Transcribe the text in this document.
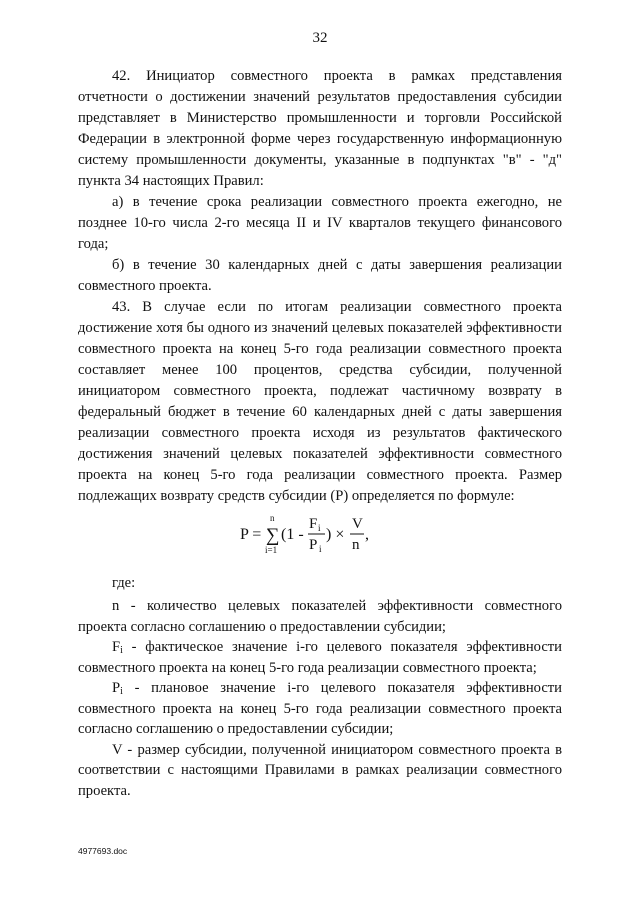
32

42. Инициатор совместного проекта в рамках представления отчетности о достижении значений результатов предоставления субсидии представляет в Министерство промышленности и торговли Российской Федерации в электронной форме через государственную информационную систему промышленности документы, указанные в подпунктах "в" - "д" пункта 34 настоящих Правил:

а) в течение срока реализации совместного проекта ежегодно, не позднее 10-го числа 2-го месяца II и IV кварталов текущего финансового года;

б) в течение 30 календарных дней с даты завершения реализации совместного проекта.

43. В случае если по итогам реализации совместного проекта достижение хотя бы одного из значений целевых показателей эффективности совместного проекта на конец 5-го года реализации совместного проекта составляет менее 100 процентов, средства субсидии, полученной инициатором совместного проекта, подлежат частичному возврату в федеральный бюджет в течение 60 календарных дней с даты завершения реализации совместного проекта исходя из результатов фактического достижения значений целевых показателей эффективности совместного проекта на конец 5-го года реализации совместного проекта. Размер подлежащих возврату средств субсидии (Р) определяется по формуле:

P =
n
∑
i=1
(1 -
F i
P i
) ×
V
n
,
где:

n - количество целевых показателей эффективности совместного проекта согласно соглашению о предоставлении субсидии;

$F_i$ - фактическое значение i-го целевого показателя эффективности совместного проекта на конец 5-го года реализации совместного проекта;

$P_i$ - плановое значение i-го целевого показателя эффективности совместного проекта на конец 5-го года реализации совместного проекта согласно соглашению о предоставлении субсидии;

V - размер субсидии, полученной инициатором совместного проекта в соответствии с настоящими Правилами в рамках реализации совместного проекта.

4977693.doc
